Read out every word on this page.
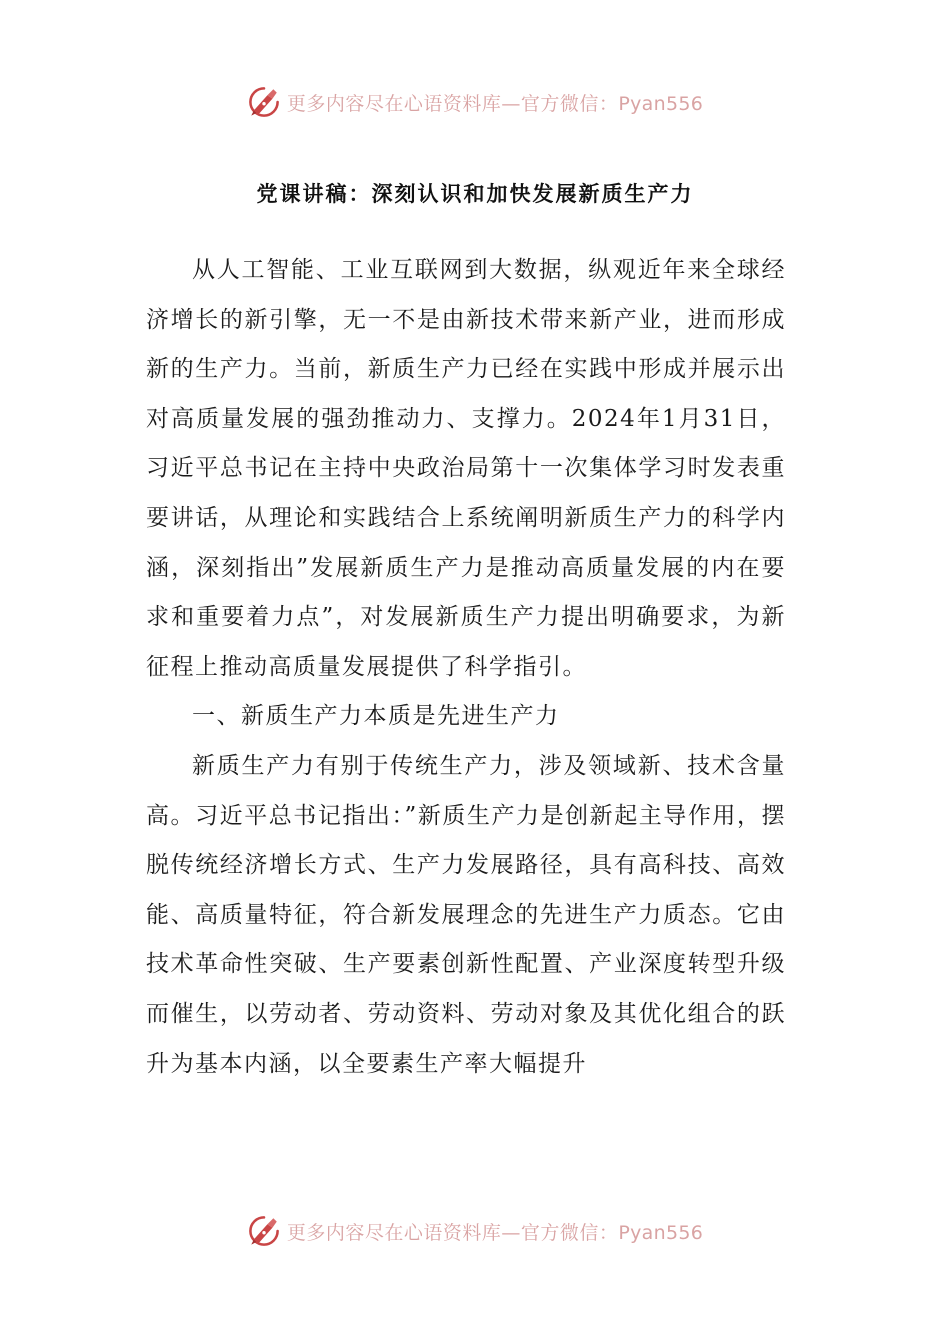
更多内容尽在心语资料库—官方微信：Pyan556
党课讲稿：深刻认识和加快发展新质生产力

从人工智能、工业互联网到大数据，纵观近年来全球经济增长的新引擎，无一不是由新技术带来新产业，进而形成新的生产力。当前，新质生产力已经在实践中形成并展示出对高质量发展的强劲推动力、支撑力。2024年1月31日，习近平总书记在主持中央政治局第十一次集体学习时发表重要讲话，从理论和实践结合上系统阐明新质生产力的科学内涵，深刻指出”发展新质生产力是推动高质量发展的内在要求和重要着力点”，对发展新质生产力提出明确要求，为新征程上推动高质量发展提供了科学指引。

一、新质生产力本质是先进生产力

新质生产力有别于传统生产力，涉及领域新、技术含量高。习近平总书记指出：”新质生产力是创新起主导作用，摆脱传统经济增长方式、生产力发展路径，具有高科技、高效能、高质量特征，符合新发展理念的先进生产力质态。它由技术革命性突破、生产要素创新性配置、产业深度转型升级而催生，以劳动者、劳动资料、劳动对象及其优化组合的跃升为基本内涵，以全要素生产率大幅提升

更多内容尽在心语资料库—官方微信：Pyan556
